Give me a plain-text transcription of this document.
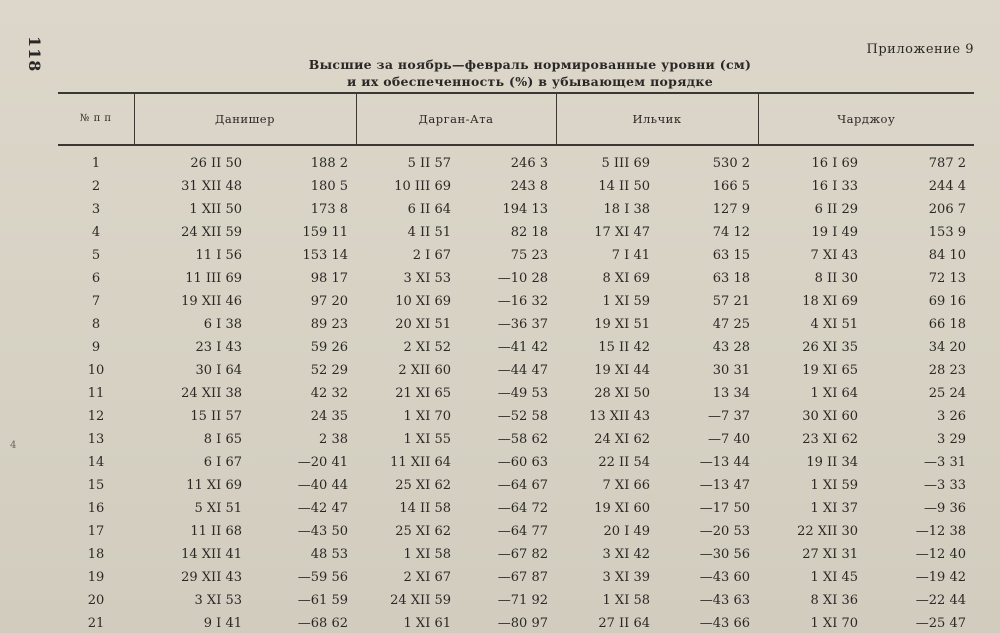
118	Приложение 9
Высшие за ноябрь—февраль нормированные уровни (см)
и их обеспеченность (%) в убывающем порядке
4
№ п п	Данишер		Дарган-Ата		Ильчик		Чарджоу	
1	26 II 50	188 2	5 II 57	246 3	5 III 69	530 2	16 I 69	787 2
2	31 XII 48	180 5	10 III 69	243 8	14 II 50	166 5	16 I 33	244 4
3	1 XII 50	173 8	6 II 64	194 13	18 I 38	127 9	6 II 29	206 7
4	24 XII 59	159 11	4 II 51	82 18	17 XI 47	74 12	19 I 49	153 9
5	11 I 56	153 14	2 I 67	75 23	7 I 41	63 15	7 XI 43	84 10
6	11 III 69	98 17	3 XI 53	—10 28	8 XI 69	63 18	8 II 30	72 13
7	19 XII 46	97 20	10 XI 69	—16 32	1 XI 59	57 21	18 XI 69	69 16
8	6 I 38	89 23	20 XI 51	—36 37	19 XI 51	47 25	4 XI 51	66 18
9	23 I 43	59 26	2 XI 52	—41 42	15 II 42	43 28	26 XI 35	34 20
10	30 I 64	52 29	2 XII 60	—44 47	19 XI 44	30 31	19 XI 65	28 23
11	24 XII 38	42 32	21 XI 65	—49 53	28 XI 50	13 34	1 XI 64	25 24
12	15 II 57	24 35	1 XI 70	—52 58	13 XII 43	—7 37	30 XI 60	3 26
13	8 I 65	2 38	1 XI 55	—58 62	24 XI 62	—7 40	23 XI 62	3 29
14	6 I 67	—20 41	11 XII 64	—60 63	22 II 54	—13 44	19 II 34	—3 31
15	11 XI 69	—40 44	25 XI 62	—64 67	7 XI 66	—13 47	1 XI 59	—3 33
16	5 XI 51	—42 47	14 II 58	—64 72	19 XI 60	—17 50	1 XI 37	—9 36
17	11 II 68	—43 50	25 XI 62	—64 77	20 I 49	—20 53	22 XII 30	—12 38
18	14 XII 41	48 53	1 XI 58	—67 82	3 XI 42	—30 56	27 XI 31	—12 40
19	29 XII 43	—59 56	2 XI 67	—67 87	3 XI 39	—43 60	1 XI 45	—19 42
20	3 XI 53	—61 59	24 XII 59	—71 92	1 XI 58	—43 63	8 XI 36	—22 44
21	9 I 41	—68 62	1 XI 61	—80 97	27 II 64	—43 66	1 XI 70	—25 47
